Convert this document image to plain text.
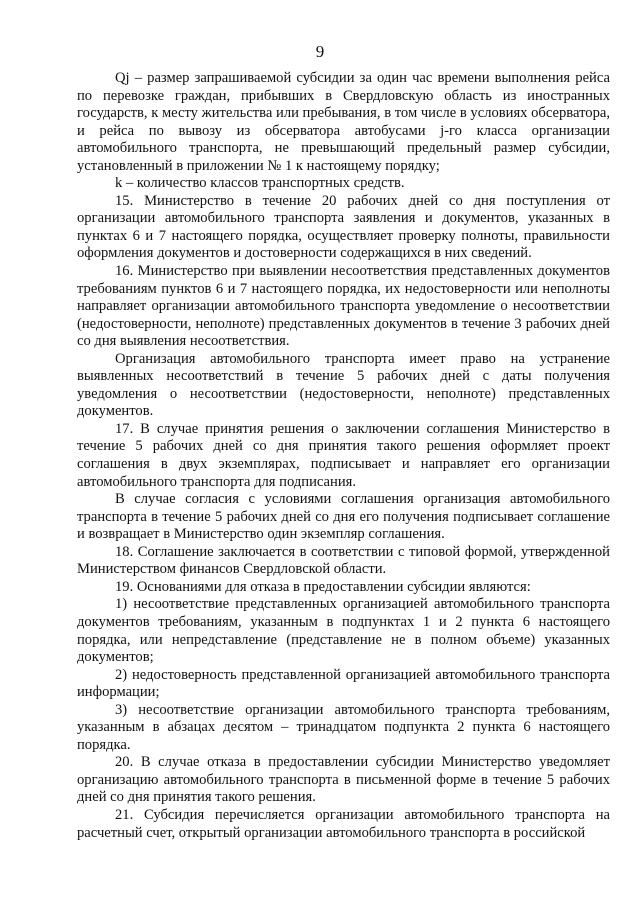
9

Qj – размер запрашиваемой субсидии за один час времени выполнения рейса по перевозке граждан, прибывших в Свердловскую область из иностранных государств, к месту жительства или пребывания, в том числе в условиях обсерватора, и рейса по вывозу из обсерватора автобусами j-го класса организации автомобильного транспорта, не превышающий предельный размер субсидии, установленный в приложении № 1 к настоящему порядку;

k – количество классов транспортных средств.

15. Министерство в течение 20 рабочих дней со дня поступления от организации автомобильного транспорта заявления и документов, указанных в пунктах 6 и 7 настоящего порядка, осуществляет проверку полноты, правильности оформления документов и достоверности содержащихся в них сведений.

16. Министерство при выявлении несоответствия представленных документов требованиям пунктов 6 и 7 настоящего порядка, их недостоверности или неполноты направляет организации автомобильного транспорта уведомление о несоответствии (недостоверности, неполноте) представленных документов в течение 3 рабочих дней со дня выявления несоответствия.

Организация автомобильного транспорта имеет право на устранение выявленных несоответствий в течение 5 рабочих дней с даты получения уведомления о несоответствии (недостоверности, неполноте) представленных документов.

17. В случае принятия решения о заключении соглашения Министерство в течение 5 рабочих дней со дня принятия такого решения оформляет проект соглашения в двух экземплярах, подписывает и направляет его организации автомобильного транспорта для подписания.

В случае согласия с условиями соглашения организация автомобильного транспорта в течение 5 рабочих дней со дня его получения подписывает соглашение и возвращает в Министерство один экземпляр соглашения.

18. Соглашение заключается в соответствии с типовой формой, утвержденной Министерством финансов Свердловской области.

19. Основаниями для отказа в предоставлении субсидии являются:

1) несоответствие представленных организацией автомобильного транспорта документов требованиям, указанным в подпунктах 1 и 2 пункта 6 настоящего порядка, или непредставление (представление не в полном объеме) указанных документов;

2) недостоверность представленной организацией автомобильного транспорта информации;

3) несоответствие организации автомобильного транспорта требованиям, указанным в абзацах десятом – тринадцатом подпункта 2 пункта 6 настоящего порядка.

20. В случае отказа в предоставлении субсидии Министерство уведомляет организацию автомобильного транспорта в письменной форме в течение 5 рабочих дней со дня принятия такого решения.

21. Субсидия перечисляется организации автомобильного транспорта на расчетный счет, открытый организации автомобильного транспорта в российской
